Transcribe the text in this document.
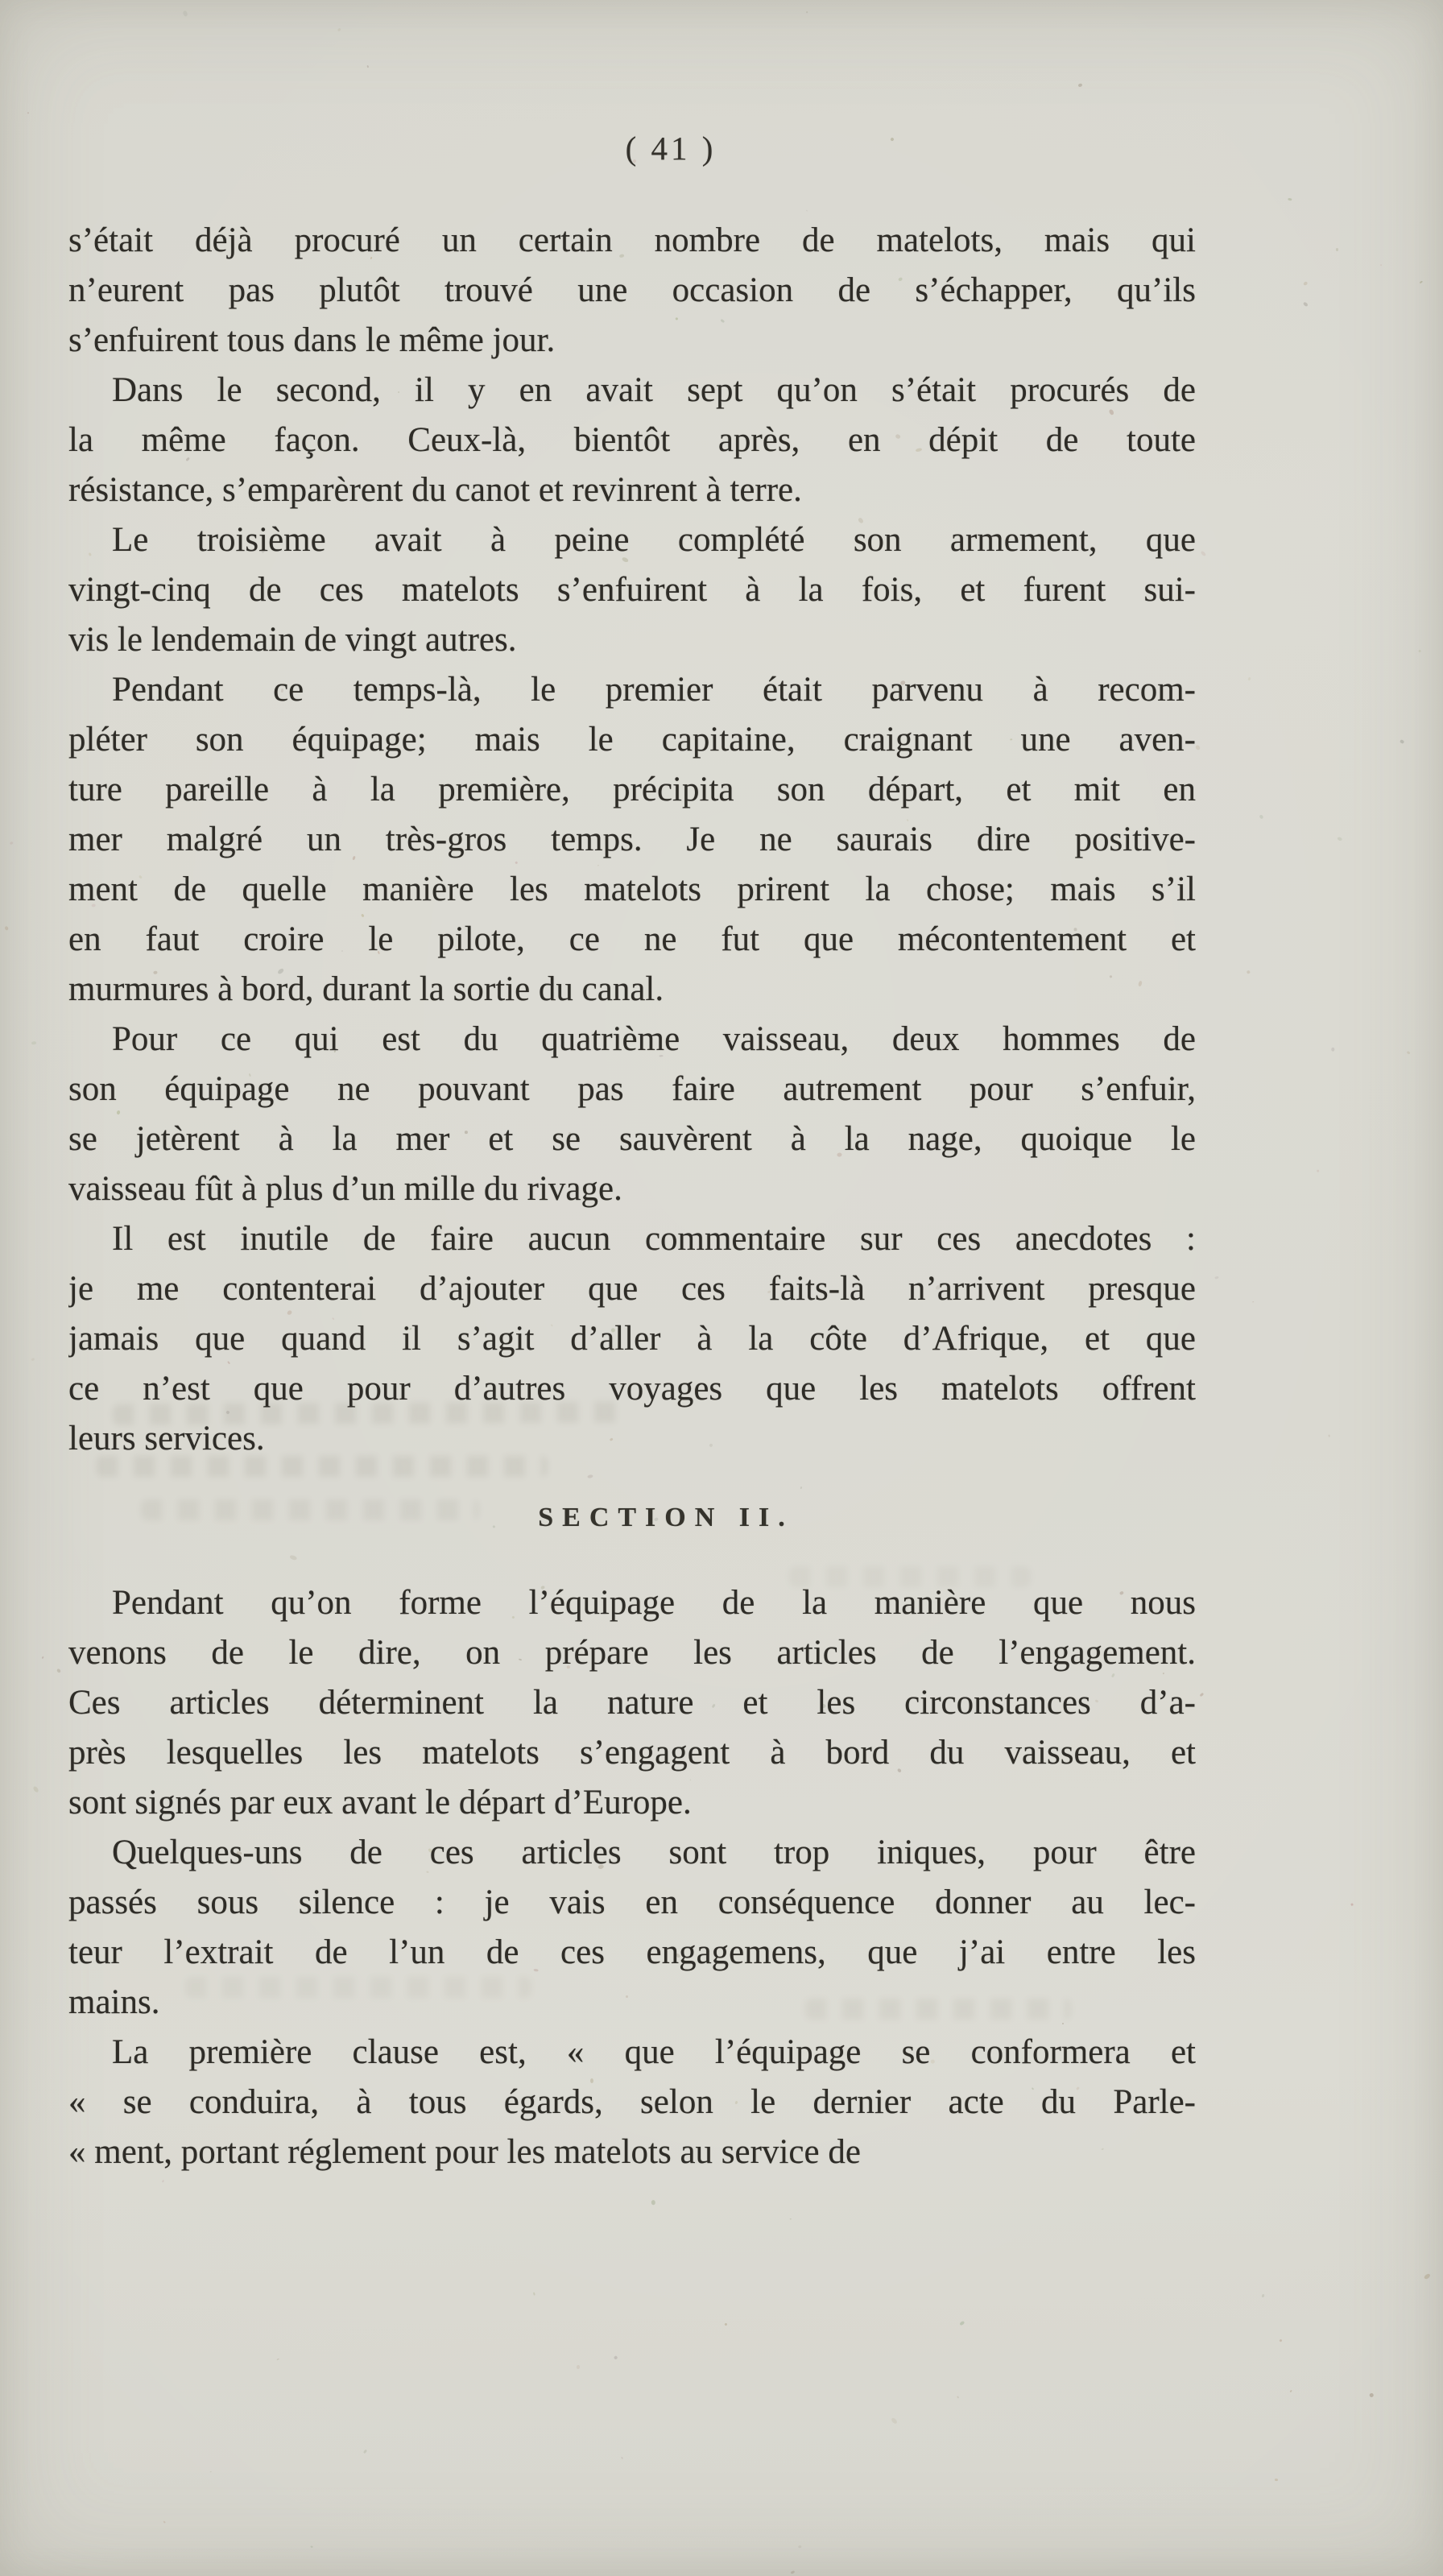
( 41 )

s’était déjà procuré un certain nombre de matelots, mais qui
n’eurent pas plutôt trouvé une occasion de s’échapper, qu’ils
s’enfuirent tous dans le même jour.

Dans le second, il y en avait sept qu’on s’était procurés de
la même façon. Ceux-là, bientôt après, en dépit de toute
résistance, s’emparèrent du canot et revinrent à terre.

Le troisième avait à peine complété son armement, que
vingt-cinq de ces matelots s’enfuirent à la fois, et furent sui-
vis le lendemain de vingt autres.

Pendant ce temps-là, le premier était parvenu à recom-
pléter son équipage; mais le capitaine, craignant une aven-
ture pareille à la première, précipita son départ, et mit en
mer malgré un très-gros temps. Je ne saurais dire positive-
ment de quelle manière les matelots prirent la chose; mais s’il
en faut croire le pilote, ce ne fut que mécontentement et
murmures à bord, durant la sortie du canal.

Pour ce qui est du quatrième vaisseau, deux hommes de
son équipage ne pouvant pas faire autrement pour s’enfuir,
se jetèrent à la mer et se sauvèrent à la nage, quoique le
vaisseau fût à plus d’un mille du rivage.

Il est inutile de faire aucun commentaire sur ces anecdotes :
je me contenterai d’ajouter que ces faits-là n’arrivent presque
jamais que quand il s’agit d’aller à la côte d’Afrique, et que
ce n’est que pour d’autres voyages que les matelots offrent
leurs services.

SECTION II.

Pendant qu’on forme l’équipage de la manière que nous
venons de le dire, on prépare les articles de l’engagement.
Ces articles déterminent la nature et les circonstances d’a-
près lesquelles les matelots s’engagent à bord du vaisseau, et
sont signés par eux avant le départ d’Europe.

Quelques-uns de ces articles sont trop iniques, pour être
passés sous silence : je vais en conséquence donner au lec-
teur l’extrait de l’un de ces engagemens, que j’ai entre les
mains.

La première clause est, « que l’équipage se conformera et
« se conduira, à tous égards, selon le dernier acte du Parle-
« ment, portant réglement pour les matelots au service de
